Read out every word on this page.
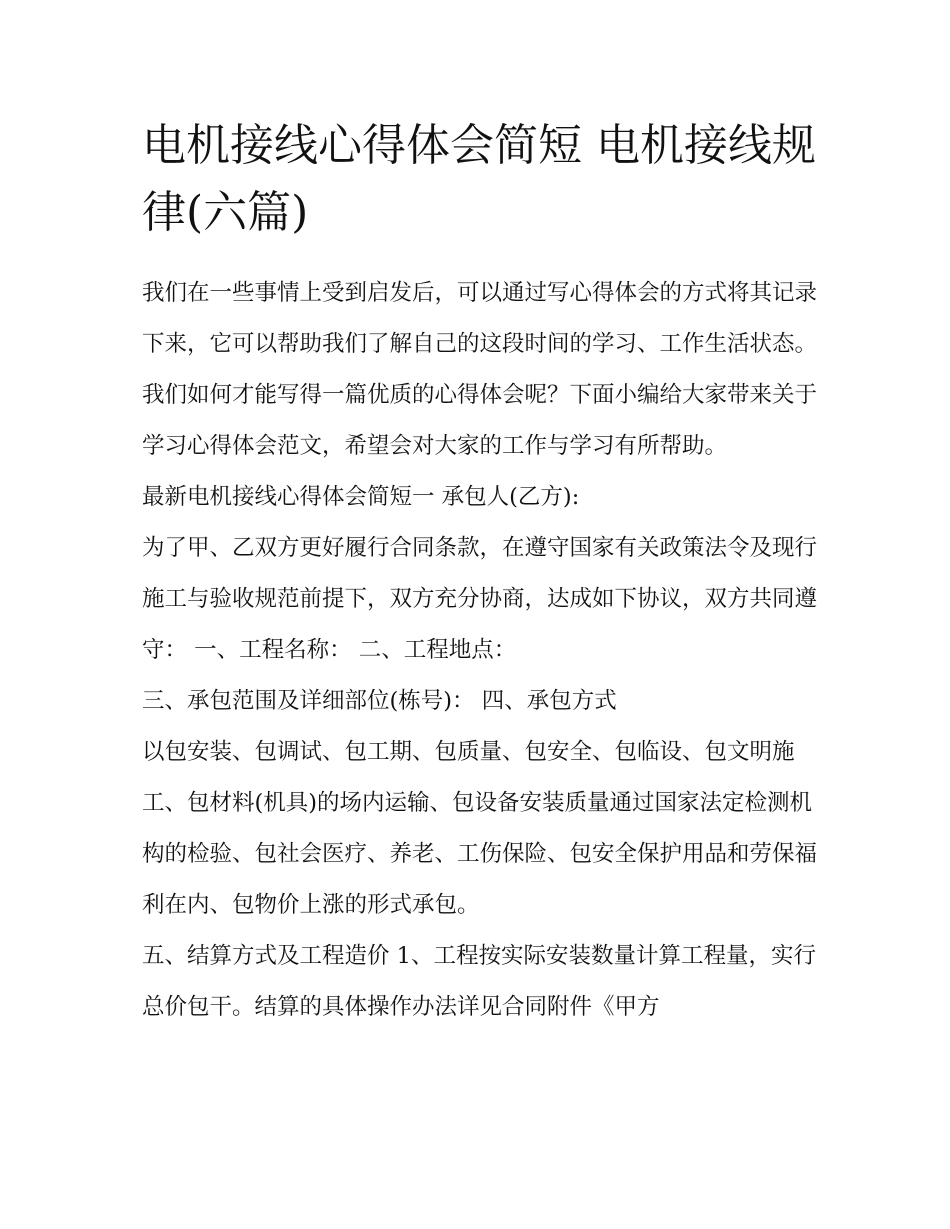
电机接线心得体会简短 电机接线规律(六篇)

我们在一些事情上受到启发后，可以通过写心得体会的方式将其记录下来，它可以帮助我们了解自己的这段时间的学习、工作生活状态。我们如何才能写得一篇优质的心得体会呢？下面小编给大家带来关于学习心得体会范文，希望会对大家的工作与学习有所帮助。

最新电机接线心得体会简短一 承包人(乙方):

为了甲、乙双方更好履行合同条款，在遵守国家有关政策法令及现行施工与验收规范前提下，双方充分协商，达成如下协议，双方共同遵守： 一、工程名称： 二、工程地点：

三、承包范围及详细部位(栋号)： 四、承包方式

以包安装、包调试、包工期、包质量、包安全、包临设、包文明施工、包材料(机具)的场内运输、包设备安装质量通过国家法定检测机构的检验、包社会医疗、养老、工伤保险、包安全保护用品和劳保福利在内、包物价上涨的形式承包。

五、结算方式及工程造价 1、工程按实际安装数量计算工程量，实行总价包干。结算的具体操作办法详见合同附件《甲方
